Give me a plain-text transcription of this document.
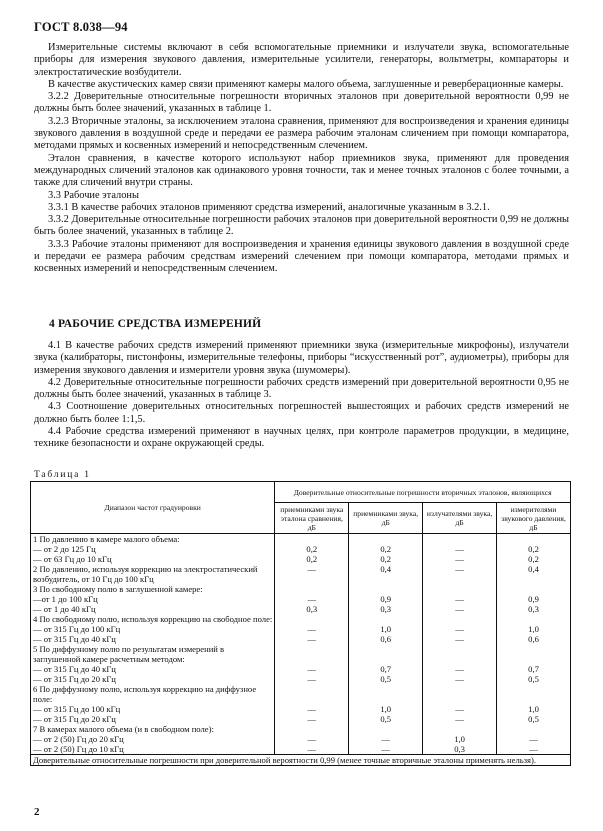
ГОСТ 8.038—94

Измерительные системы включают в себя вспомогательные приемники и излучатели звука, вспомогательные приборы для измерения звукового давления, измерительные усилители, генераторы, вольтметры, компараторы и электростатические возбудители.

В качестве акустических камер связи применяют камеры малого объема, заглушенные и реверберационные камеры.

3.2.2 Доверительные относительные погрешности вторичных эталонов при доверительной вероятности 0,99 не должны быть более значений, указанных в таблице 1.

3.2.3 Вторичные эталоны, за исключением эталона сравнения, применяют для воспроизведения и хранения единицы звукового давления в воздушной среде и передачи ее размера рабочим эталонам сличением при помощи компаратора, методами прямых и косвенных измерений и непосредственным слечением.

Эталон сравнения, в качестве которого используют набор приемников звука, применяют для проведения международных сличений эталонов как одинакового уровня точности, так и менее точных эталонов с более точными, а также для сличений внутри страны.

3.3 Рабочие эталоны

3.3.1 В качестве рабочих эталонов применяют средства измерений, аналогичные указанным в 3.2.1.

3.3.2 Доверительные относительные погрешности рабочих эталонов при доверительной вероятности 0,99 не должны быть более значений, указанных в таблице 2.

3.3.3 Рабочие эталоны применяют для воспроизведения и хранения единицы звукового давления в воздушной среде и передачи ее размера рабочим средствам измерений слечением при помощи компаратора, методами прямых и косвенных измерений и непосредственным слечением.

4 РАБОЧИЕ СРЕДСТВА ИЗМЕРЕНИЙ

4.1 В качестве рабочих средств измерений применяют приемники звука (измерительные микрофоны), излучатели звука (калибраторы, пистонфоны, измерительные телефоны, приборы “искусственный рот”, аудиометры), приборы для измерения звукового давления и измерители уровня звука (шумомеры).

4.2 Доверительные относительные погрешности рабочих средств измерений при доверительной вероятности 0,95 не должны быть более значений, указанных в таблице 3.

4.3 Соотношение доверительных относительных погрешностей вышестоящих и рабочих средств измерений не должно быть более 1:1,5.

4.4 Рабочие средства измерений применяют в научных целях, при контроле параметров продукции, в медицине, технике безопасности и охране окружающей среды.

Таблица 1
Диапазон частот градуировки	Доверительные относительные погрешности вторичных эталонов, являющихся			
	приемниками звука эталона сравнения, дБ	приемниками звука, дБ	излучателями звука, дБ	измерителями звукового давления, дБ
1 По давлению в камере малого объема:				
— от 2 до 125 Гц	0,2	0,2	—	0,2
— от 63 Гц до 10 кГц	0,2	0,2	—	0,2
2 По давлению, используя коррекцию на электростатический возбудитель, от 10 Гц до 100 кГц	—	0,4	—	0,4
3 По свободному полю в заглушенной камере:				
—от 1 до 100 кГц	—	0,9	—	0,9
— от 1 до 40 кГц	0,3	0,3	—	0,3
4 По свободному полю, используя коррекцию на свободное поле:				
— от 315 Гц до 100 кГц	—	1,0	—	1,0
— от 315 Гц до 40 кГц	—	0,6	—	0,6
5 По диффузному полю по результатам измерений в заглушенной камере расчетным методом:				
— от 315 Гц до 40 кГц	—	0,7	—	0,7
— от 315 Гц до 20 кГц	—	0,5	—	0,5
6 По диффузному полю, используя коррекцию на диффузное поле:				
— от 315 Гц до 100 кГц	—	1,0	—	1,0
— от 315 Гц до 20 кГц	—	0,5	—	0,5
7 В камерах малого объема (и в свободном поле):				
— от 2 (50) Гц до 20 кГц	—	—	1,0	—
— от 2 (50) Гц до 10 кГц	—	—	0,3	—
Доверительные относительные погрешности при доверительной вероятности 0,99 (менее точные вторичные эталоны применять нельзя).				
2
